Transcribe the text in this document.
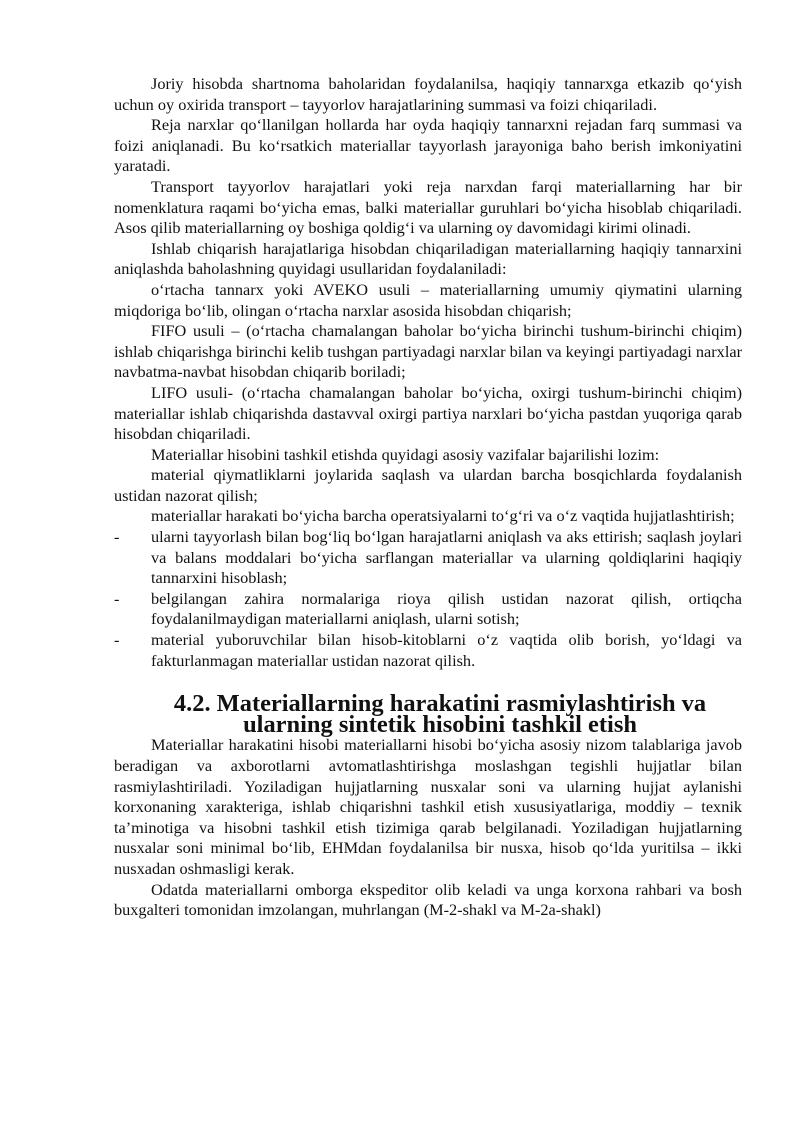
Joriy hisobda shartnoma baholaridan foydalanilsa, haqiqiy tannarxga etkazib qo‘yish uchun oy oxirida transport – tayyorlov harajatlarining summasi va foizi chiqariladi.

Reja narxlar qo‘llanilgan hollarda har oyda haqiqiy tannarxni rejadan farq summasi va foizi aniqlanadi. Bu ko‘rsatkich materiallar tayyorlash jarayoniga baho berish imkoniyatini yaratadi.

Transport tayyorlov harajatlari yoki reja narxdan farqi materiallarning har bir nomenklatura raqami bo‘yicha emas, balki materiallar guruhlari bo‘yicha hisoblab chiqariladi. Asos qilib materiallarning oy boshiga qoldig‘i va ularning oy davomidagi kirimi olinadi.

Ishlab chiqarish harajatlariga hisobdan chiqariladigan materiallarning haqiqiy tannarxini aniqlashda baholashning quyidagi usullaridan foydalaniladi:

o‘rtacha tannarx yoki AVEKO usuli – materiallarning umumiy qiymatini ularning miqdoriga bo‘lib, olingan o‘rtacha narxlar asosida hisobdan chiqarish;

FIFO usuli – (o‘rtacha chamalangan baholar bo‘yicha birinchi tushum-birinchi chiqim) ishlab chiqarishga birinchi kelib tushgan partiyadagi narxlar bilan va keyingi partiyadagi narxlar navbatma-navbat hisobdan chiqarib boriladi;

LIFO usuli- (o‘rtacha chamalangan baholar bo‘yicha, oxirgi tushum-birinchi chiqim) materiallar ishlab chiqarishda dastavval oxirgi partiya narxlari bo‘yicha pastdan yuqoriga qarab hisobdan chiqariladi.

Materiallar hisobini tashkil etishda quyidagi asosiy vazifalar bajarilishi lozim:

material qiymatliklarni joylarida saqlash va ulardan barcha bosqichlarda foydalanish ustidan nazorat qilish;

materiallar harakati bo‘yicha barcha operatsiyalarni to‘g‘ri va o‘z vaqtida hujjatlashtirish;

-	ularni tayyorlash bilan bog‘liq bo‘lgan harajatlarni aniqlash va aks ettirish; saqlash joylari va balans moddalari bo‘yicha sarflangan materiallar va ularning qoldiqlarini haqiqiy tannarxini hisoblash;
-	belgilangan zahira normalariga rioya qilish ustidan nazorat qilish, ortiqcha foydalanilmaydigan materiallarni aniqlash, ularni sotish;
-	material yuboruvchilar bilan hisob-kitoblarni o‘z vaqtida olib borish, yo‘ldagi va fakturlanmagan materiallar ustidan nazorat qilish.
4.2. Materiallarning harakatini rasmiylashtirish va ularning sintetik hisobini tashkil etish

Materiallar harakatini hisobi materiallarni hisobi bo‘yicha asosiy nizom talablariga javob beradigan va axborotlarni avtomatlashtirishga moslashgan tegishli hujjatlar bilan rasmiylashtiriladi. Yoziladigan hujjatlarning nusxalar soni va ularning hujjat aylanishi korxonaning xarakteriga, ishlab chiqarishni tashkil etish xususiyatlariga, moddiy – texnik ta’minotiga va hisobni tashkil etish tizimiga qarab belgilanadi. Yoziladigan hujjatlarning nusxalar soni minimal bo‘lib, EHMdan foydalanilsa bir nusxa, hisob qo‘lda yuritilsa – ikki nusxadan oshmasligi kerak.

Odatda materiallarni omborga ekspeditor olib keladi va unga korxona rahbari va bosh buxgalteri tomonidan imzolangan, muhrlangan (M-2-shakl va M-2a-shakl)
